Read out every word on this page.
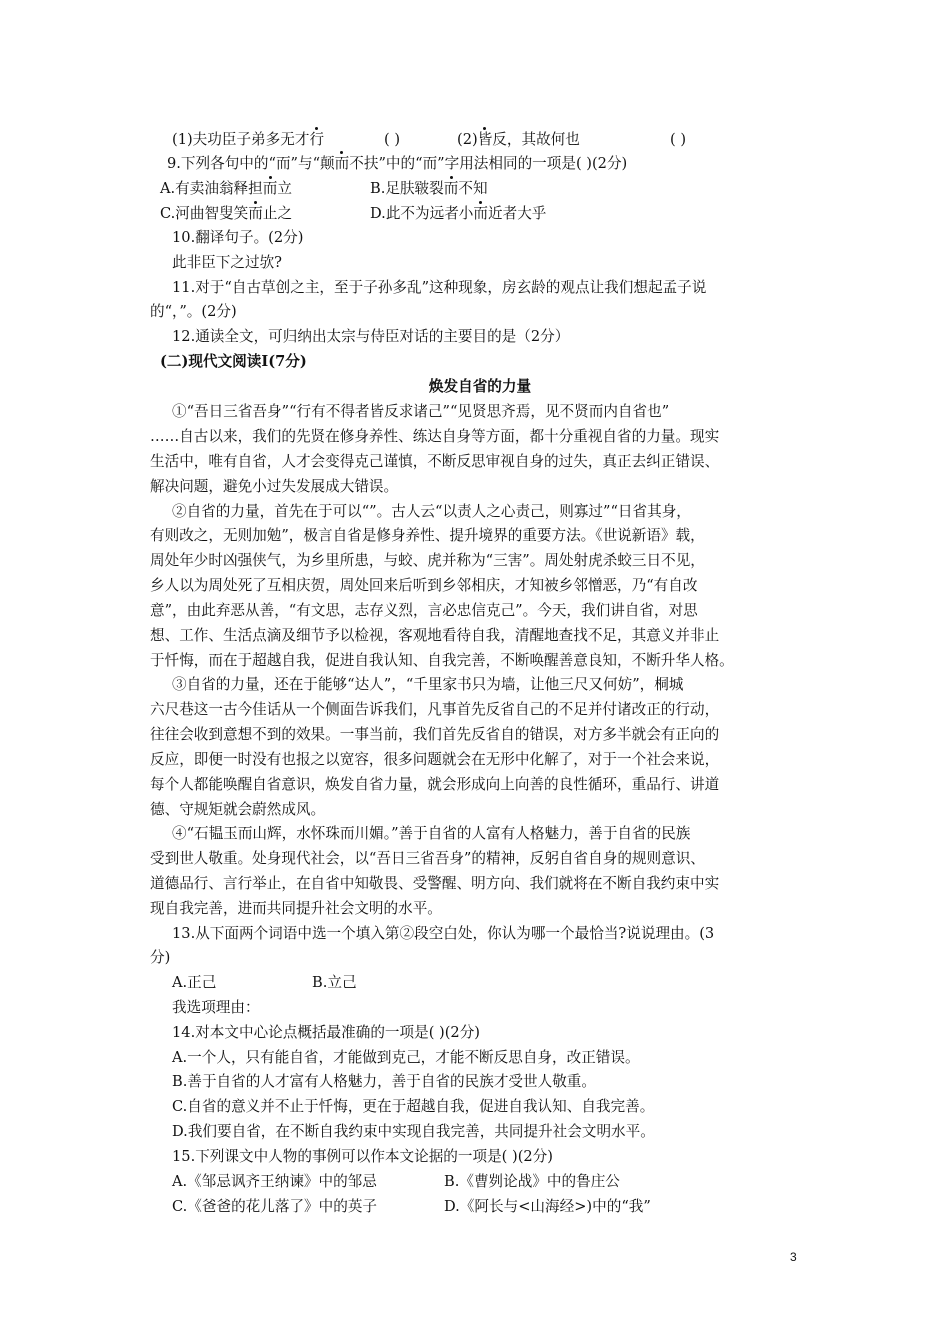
(1)夫功臣子弟多无才行	( )	(2)皆反，其故何也	( )
9.下列各句中的“而”与“颠而不扶”中的“而”字用法相同的一项是( )(2分)
A.有卖油翁释担而立	B.足肤皲裂而不知
C.河曲智叟笑而止之	D.此不为远者小而近者大乎
10.翻译句子。(2分)
此非臣下之过欤?
11.对于“自古草创之主，至于子孙多乱”这种现象，房玄龄的观点让我们想起孟子说
的“，”。(2分)
12.通读全文，可归纳出太宗与侍臣对话的主要目的是（2分）
(二)现代文阅读Ⅰ(7分)
焕发自省的力量
①“吾日三省吾身”“行有不得者皆反求诸己”“见贤思齐焉，见不贤而内自省也”
……自古以来，我们的先贤在修身养性、练达自身等方面，都十分重视自省的力量。现实
生活中，唯有自省，人才会变得克己谨慎，不断反思审视自身的过失，真正去纠正错误、
解决问题，避免小过失发展成大错误。
②自省的力量，首先在于可以“”。古人云“以责人之心责己，则寡过”“日省其身，
有则改之，无则加勉”，极言自省是修身养性、提升境界的重要方法。《世说新语》载，
周处年少时凶强侠气，为乡里所患，与蛟、虎并称为“三害”。周处射虎杀蛟三日不见，
乡人以为周处死了互相庆贺，周处回来后听到乡邻相庆，才知被乡邻憎恶，乃“有自改
意”，由此弃恶从善，“有文思，志存义烈，言必忠信克己”。今天，我们讲自省，对思
想、工作、生活点滴及细节予以检视，客观地看待自我，清醒地查找不足，其意义并非止
于忏悔，而在于超越自我，促进自我认知、自我完善，不断唤醒善意良知，不断升华人格。
③自省的力量，还在于能够“达人”，“千里家书只为墙，让他三尺又何妨”，桐城
六尺巷这一古今佳话从一个侧面告诉我们，凡事首先反省自己的不足并付诸改正的行动，
往往会收到意想不到的效果。一事当前，我们首先反省自的错误，对方多半就会有正向的
反应，即便一时没有也报之以宽容，很多问题就会在无形中化解了，对于一个社会来说，
每个人都能唤醒自省意识，焕发自省力量，就会形成向上向善的良性循环，重品行、讲道
德、守规矩就会蔚然成风。
④“石韫玉而山辉，水怀珠而川媚。”善于自省的人富有人格魅力，善于自省的民族
受到世人敬重。处身现代社会，以“吾日三省吾身”的精神，反躬自省自身的规则意识、
道德品行、言行举止，在自省中知敬畏、受警醒、明方向、我们就将在不断自我约束中实
现自我完善，进而共同提升社会文明的水平。
13.从下面两个词语中选一个填入第②段空白处，你认为哪一个最恰当?说说理由。(3
分)
A.正己	B.立己
我选项理由：
14.对本文中心论点概括最准确的一项是( )(2分)
A.一个人，只有能自省，才能做到克己，才能不断反思自身，改正错误。
B.善于自省的人才富有人格魅力，善于自省的民族才受世人敬重。
C.自省的意义并不止于忏悔，更在于超越自我，促进自我认知、自我完善。
D.我们要自省，在不断自我约束中实现自我完善，共同提升社会文明水平。
15.下列课文中人物的事例可以作本文论据的一项是( )(2分)
A.《邹忌讽齐王纳谏》中的邹忌	B.《曹刿论战》中的鲁庄公
C.《爸爸的花儿落了》中的英子	D.《阿长与<山海经>)中的“我”
3
